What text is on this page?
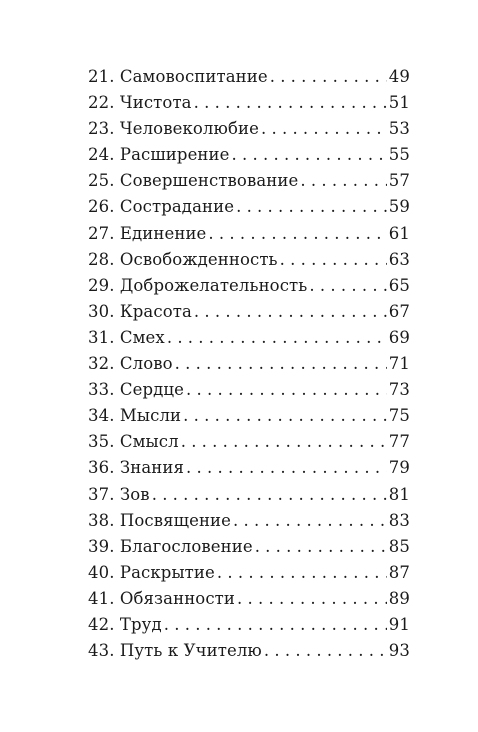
21. Самовоспитание . . .	49
22. Чистота . . .	51
23. Человеколюбие . . .	53
24. Расширение . . .	55
25. Совершенствование . . .	57
26. Сострадание . . .	59
27. Единение . . .	61
28. Освобожденность . . .	63
29. Доброжелательность . . .	65
30. Красота . . .	67
31. Смех . . .	69
32. Слово . . .	71
33. Сердце . . .	73
34. Мысли . . .	75
35. Смысл . . .	77
36. Знания . . .	79
37. Зов . . .	81
38. Посвящение . . .	83
39. Благословение . . .	85
40. Раскрытие . . .	87
41. Обязанности . . .	89
42. Труд . . .	91
43. Путь к Учителю . . .	93
